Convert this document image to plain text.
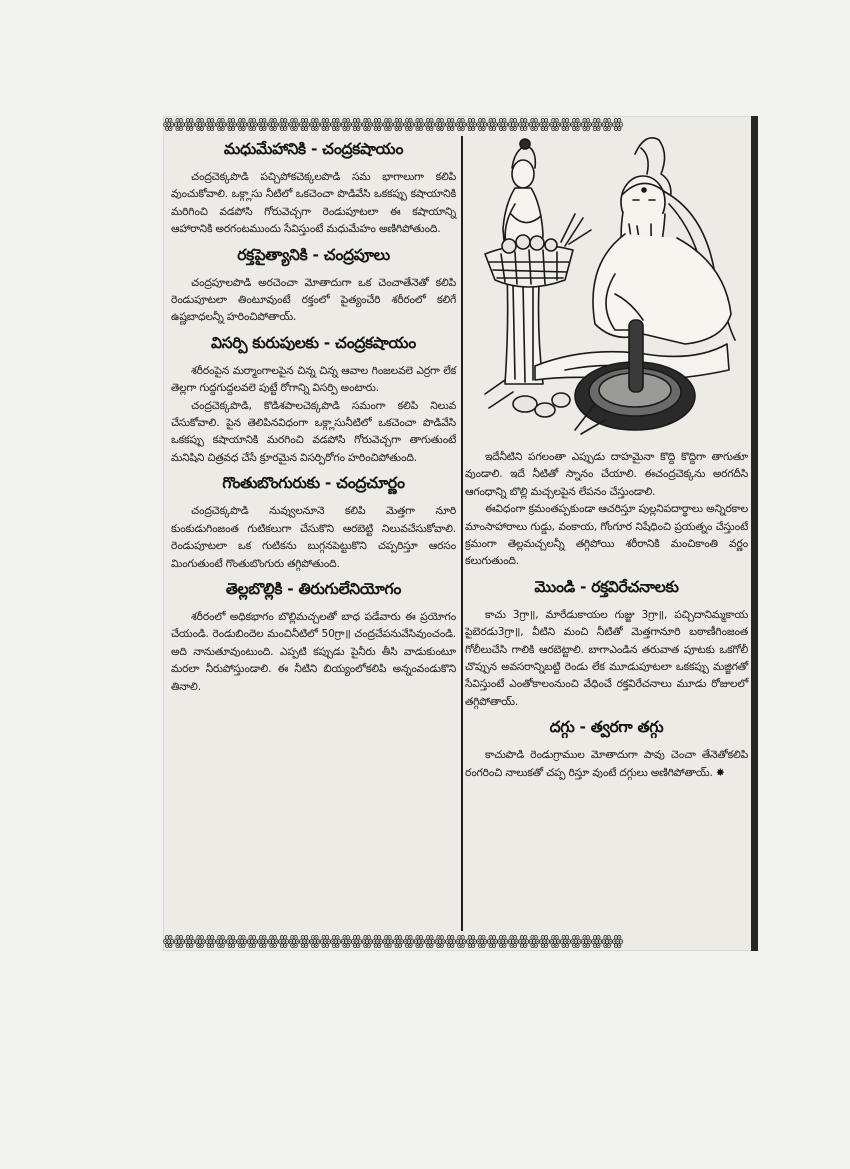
ꙮꙮꙮꙮꙮꙮꙮꙮꙮꙮꙮꙮꙮꙮꙮꙮꙮꙮꙮꙮꙮꙮꙮꙮꙮꙮꙮꙮꙮꙮꙮꙮꙮꙮꙮꙮꙮꙮꙮꙮꙮꙮꙮꙮ
ꙮꙮꙮꙮꙮꙮꙮꙮꙮꙮꙮꙮꙮꙮꙮꙮꙮꙮꙮꙮꙮꙮꙮꙮꙮꙮꙮꙮꙮꙮꙮꙮꙮꙮꙮꙮꙮꙮꙮꙮꙮꙮꙮꙮ
మధుమేహానికి - చంద్రకషాయం

చంద్రచెక్కపొడి పచ్చిపోకచెక్కలపొడి సమ భాగాలుగా కలిపి వుంచుకోవాలి. ఒక్గ్లాసు నీటిలో ఒకచెంచా పొడివేసి ఒకకప్పు కషాయానికి మరిగించి వడపోసి గోరువెచ్చగా రెండుపూటలా ఈ కషాయాన్ని ఆహారానికి అరగంటముందు సేవిస్తుంటే మధుమేహం అణిగిపోతుంది.

రక్తపైత్యానికి - చంద్రపూలు

చంద్రపూలపొడి అరచెంచా మోతాదుగా ఒక చెంచాతేనెతో కలిపి రెండుపూటలా తింటూవుంటే రక్తంలో పైత్యంచేరి శరీరంలో కలిగే ఉష్ణబాధలన్నీ హరించిపోతాయ్.

విసర్పి కురుపులకు - చంద్రకషాయం

శరీరంపైన మర్మాంగాలపైన చిన్న చిన్న ఆవాల గింజలవలె ఎర్రగా లేక తెల్లగా గుద్దగుద్దలవలె పుట్టే రోగాన్ని విసర్పి అంటారు.

చంద్రచెక్కపొడి, కొడిశపాలచెక్కపొడి సమంగా కలిపి నిలువ చేసుకోవాలి. పైన తెలిపినవిధంగా ఒక్గ్లాసునీటిలో ఒకచెంచా పొడివేసి ఒకకప్పు కషాయానికి మరగించి వడపోసి గోరువెచ్చగా తాగుతుంటే మనిషిని చిత్రవధ చేసే క్రూరమైన విసర్పిరోగం హరించిపోతుంది.

గొంతుబొంగురుకు - చంద్రచూర్ణం

చంద్రచెక్కపొడి నువ్వులనూనె కలిపి మెత్తగా నూరి కుంకుడుగింజంత గుటికలుగా చేసుకొని ఆరబెట్టి నిలువచేసుకోవాలి. రెండుపూటలా ఒక గుటికను బుగ్గనపెట్టుకొని చప్పరిస్తూ ఆరసం మింగుతుంటే గొంతుబొంగురు తగ్గిపోతుంది.

తెల్లబొల్లికి - తిరుగులేనియోగం

శరీరంలో అధికభాగం బొల్లిమచ్చలతో బాధ పడేవారు ఈ ప్రయోగం చేయండి. రెండుబిందెల మంచినీటిలో 50గ్రా॥ చంద్రచేపనువేసివుంచండి. అది నానుతూవుంటుంది. ఎప్పటి కప్పుడు పైనీరు తీసి వాడుకుంటూ మరలా నీరుపోస్తుండాలి. ఈ నీటిని బియ్యంలోకలిపి అన్నంవండుకొని తినాలి.

ఇదేనీటిని పగలంతా ఎప్పుడు దాహమైనా కొద్ది కొద్దిగా తాగుతూ వుండాలి. ఇదే నీటితో స్నానం చేయాలి. ఈచంద్రచెక్కను అరగదీసి ఆగంధాన్ని బొల్లి మచ్చలపైన లేపనం చేస్తుండాలి.

ఈవిధంగా క్రమంతప్పకుండా ఆచరిస్తూ పుల్లనిపదార్థాలు అన్నిరకాల మాంసాహారాలు గుడ్డు, వంకాయ, గోంగూర నిషేధించి ప్రయత్నం చేస్తుంటే క్రమంగా తెల్లమచ్చలన్నీ తగ్గిపోయి శరీరానికి మంచికాంతి వర్ణం కలుగుతుంది.

మొండి - రక్తవిరేచనాలకు

కాచు 3గ్రా॥, మారేడుకాయల గుజ్జు 3గ్రా॥, పచ్చిదానిమ్మకాయ పైబెరడు3గ్రా॥, వీటిని మంచి నీటితో మెత్తగానూరి బఠాణీగింజంత గోలీలుచేసి గాలికి ఆరబెట్టాలి. బాగాఎండిన తరువాత పూటకు ఒకగోలీ చొప్పున అవసరాన్నిబట్టి రెండు లేక మూడుపూటలా ఒకకప్పు మజ్జిగతో సేవిస్తుంటే ఎంతోకాలంనుంచి వేధించే రక్తవిరేచనాలు మూడు రోజులలో తగ్గిపోతాయ్.

దగ్గు - త్వరగా తగ్గు

కాచుపొడి రెండుగ్రాముల మోతాదుగా పావు చెంచా తేనెతోకలిపి రంగరించి నాలుకతో చప్ప రిస్తూ వుంటే దగ్గులు అణిగిపోతాయ్. ✸
